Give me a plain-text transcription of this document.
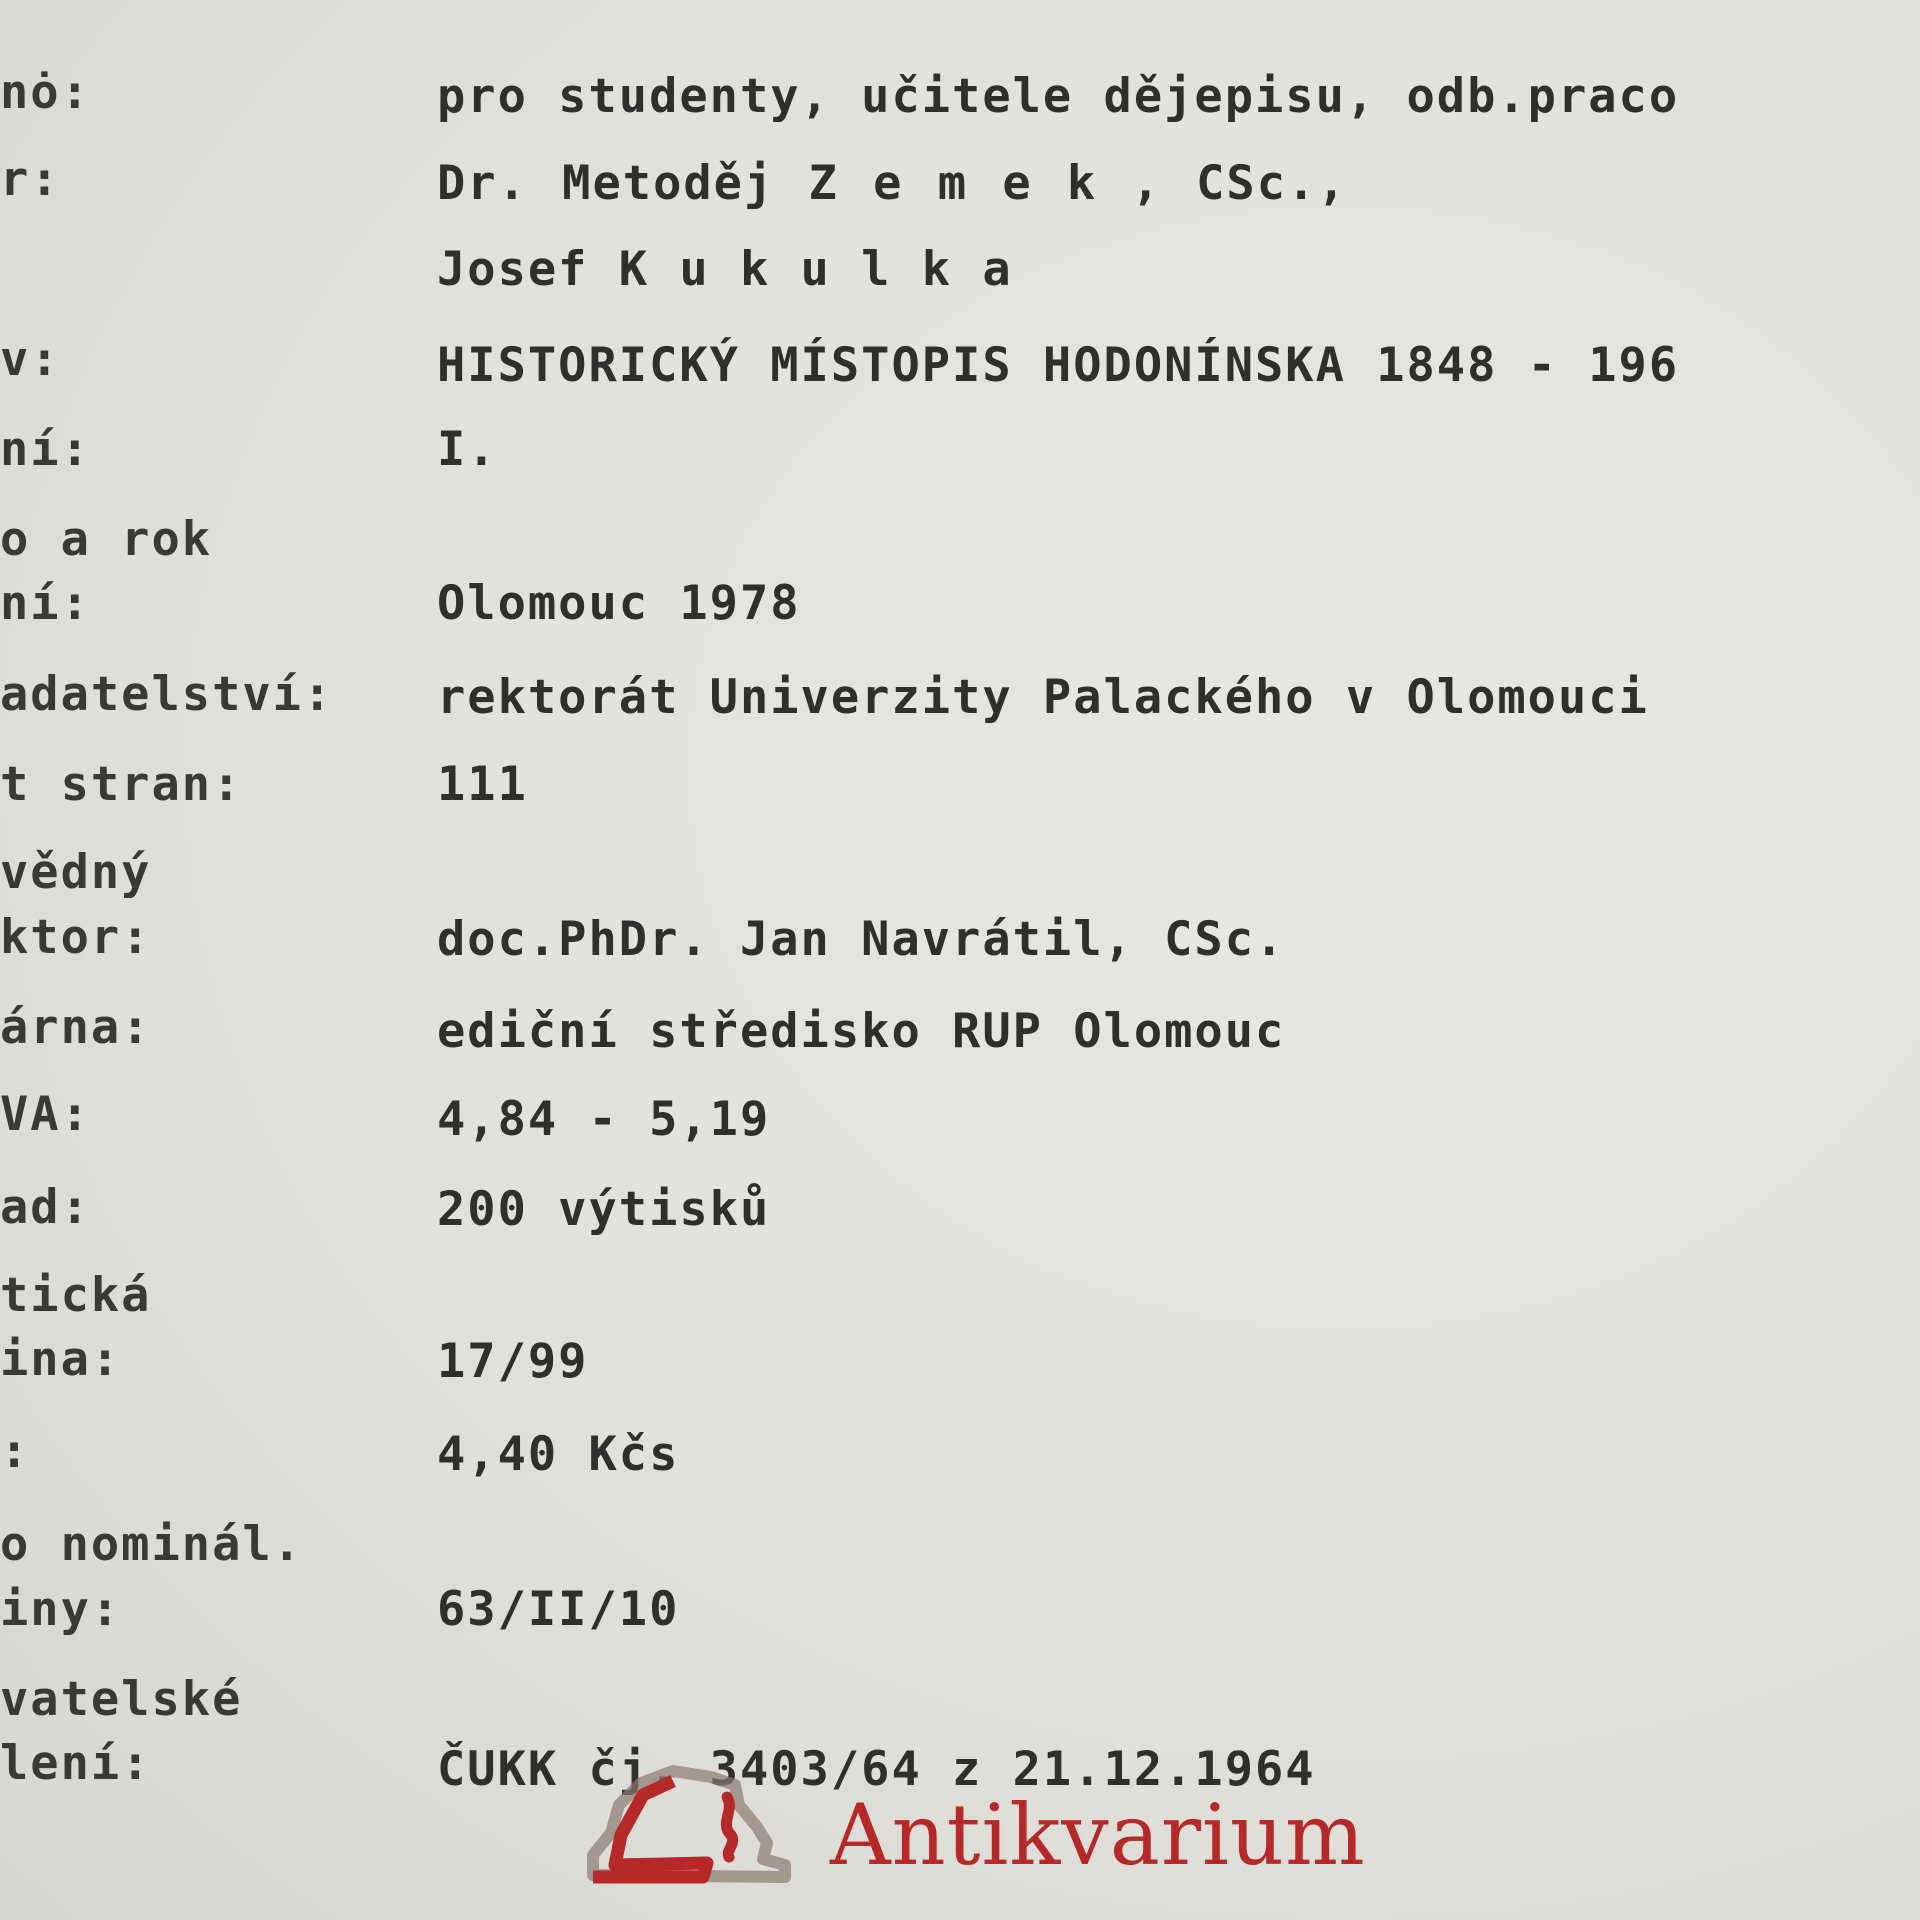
nȯ:	pro studenty, učitele dějepisu, odb.praco
r:	Dr. Metoděj Z e m e k , CSc.,
Josef K u k u l k a
v:	HISTORICKÝ MÍSTOPIS HODONÍNSKA 1848 - 196
ní:	I.
o a rok
ní:	Olomouc 1978
adatelství: rektorát Univerzity Palackého v Olomouci
t stran:	111
vědný
ktor:	doc.PhDr. Jan Navrátil, CSc.
árna:	ediční středisko RUP Olomouc
VA:	4,84 - 5,19
ad:	200 výtisků
tická
ina:	17/99
:	4,40 Kčs
o nominál.
iny:	63/II/10
vatelské
lení:	ČUKK čj. 3403/64 z 21.12.1964
Antikvarium
